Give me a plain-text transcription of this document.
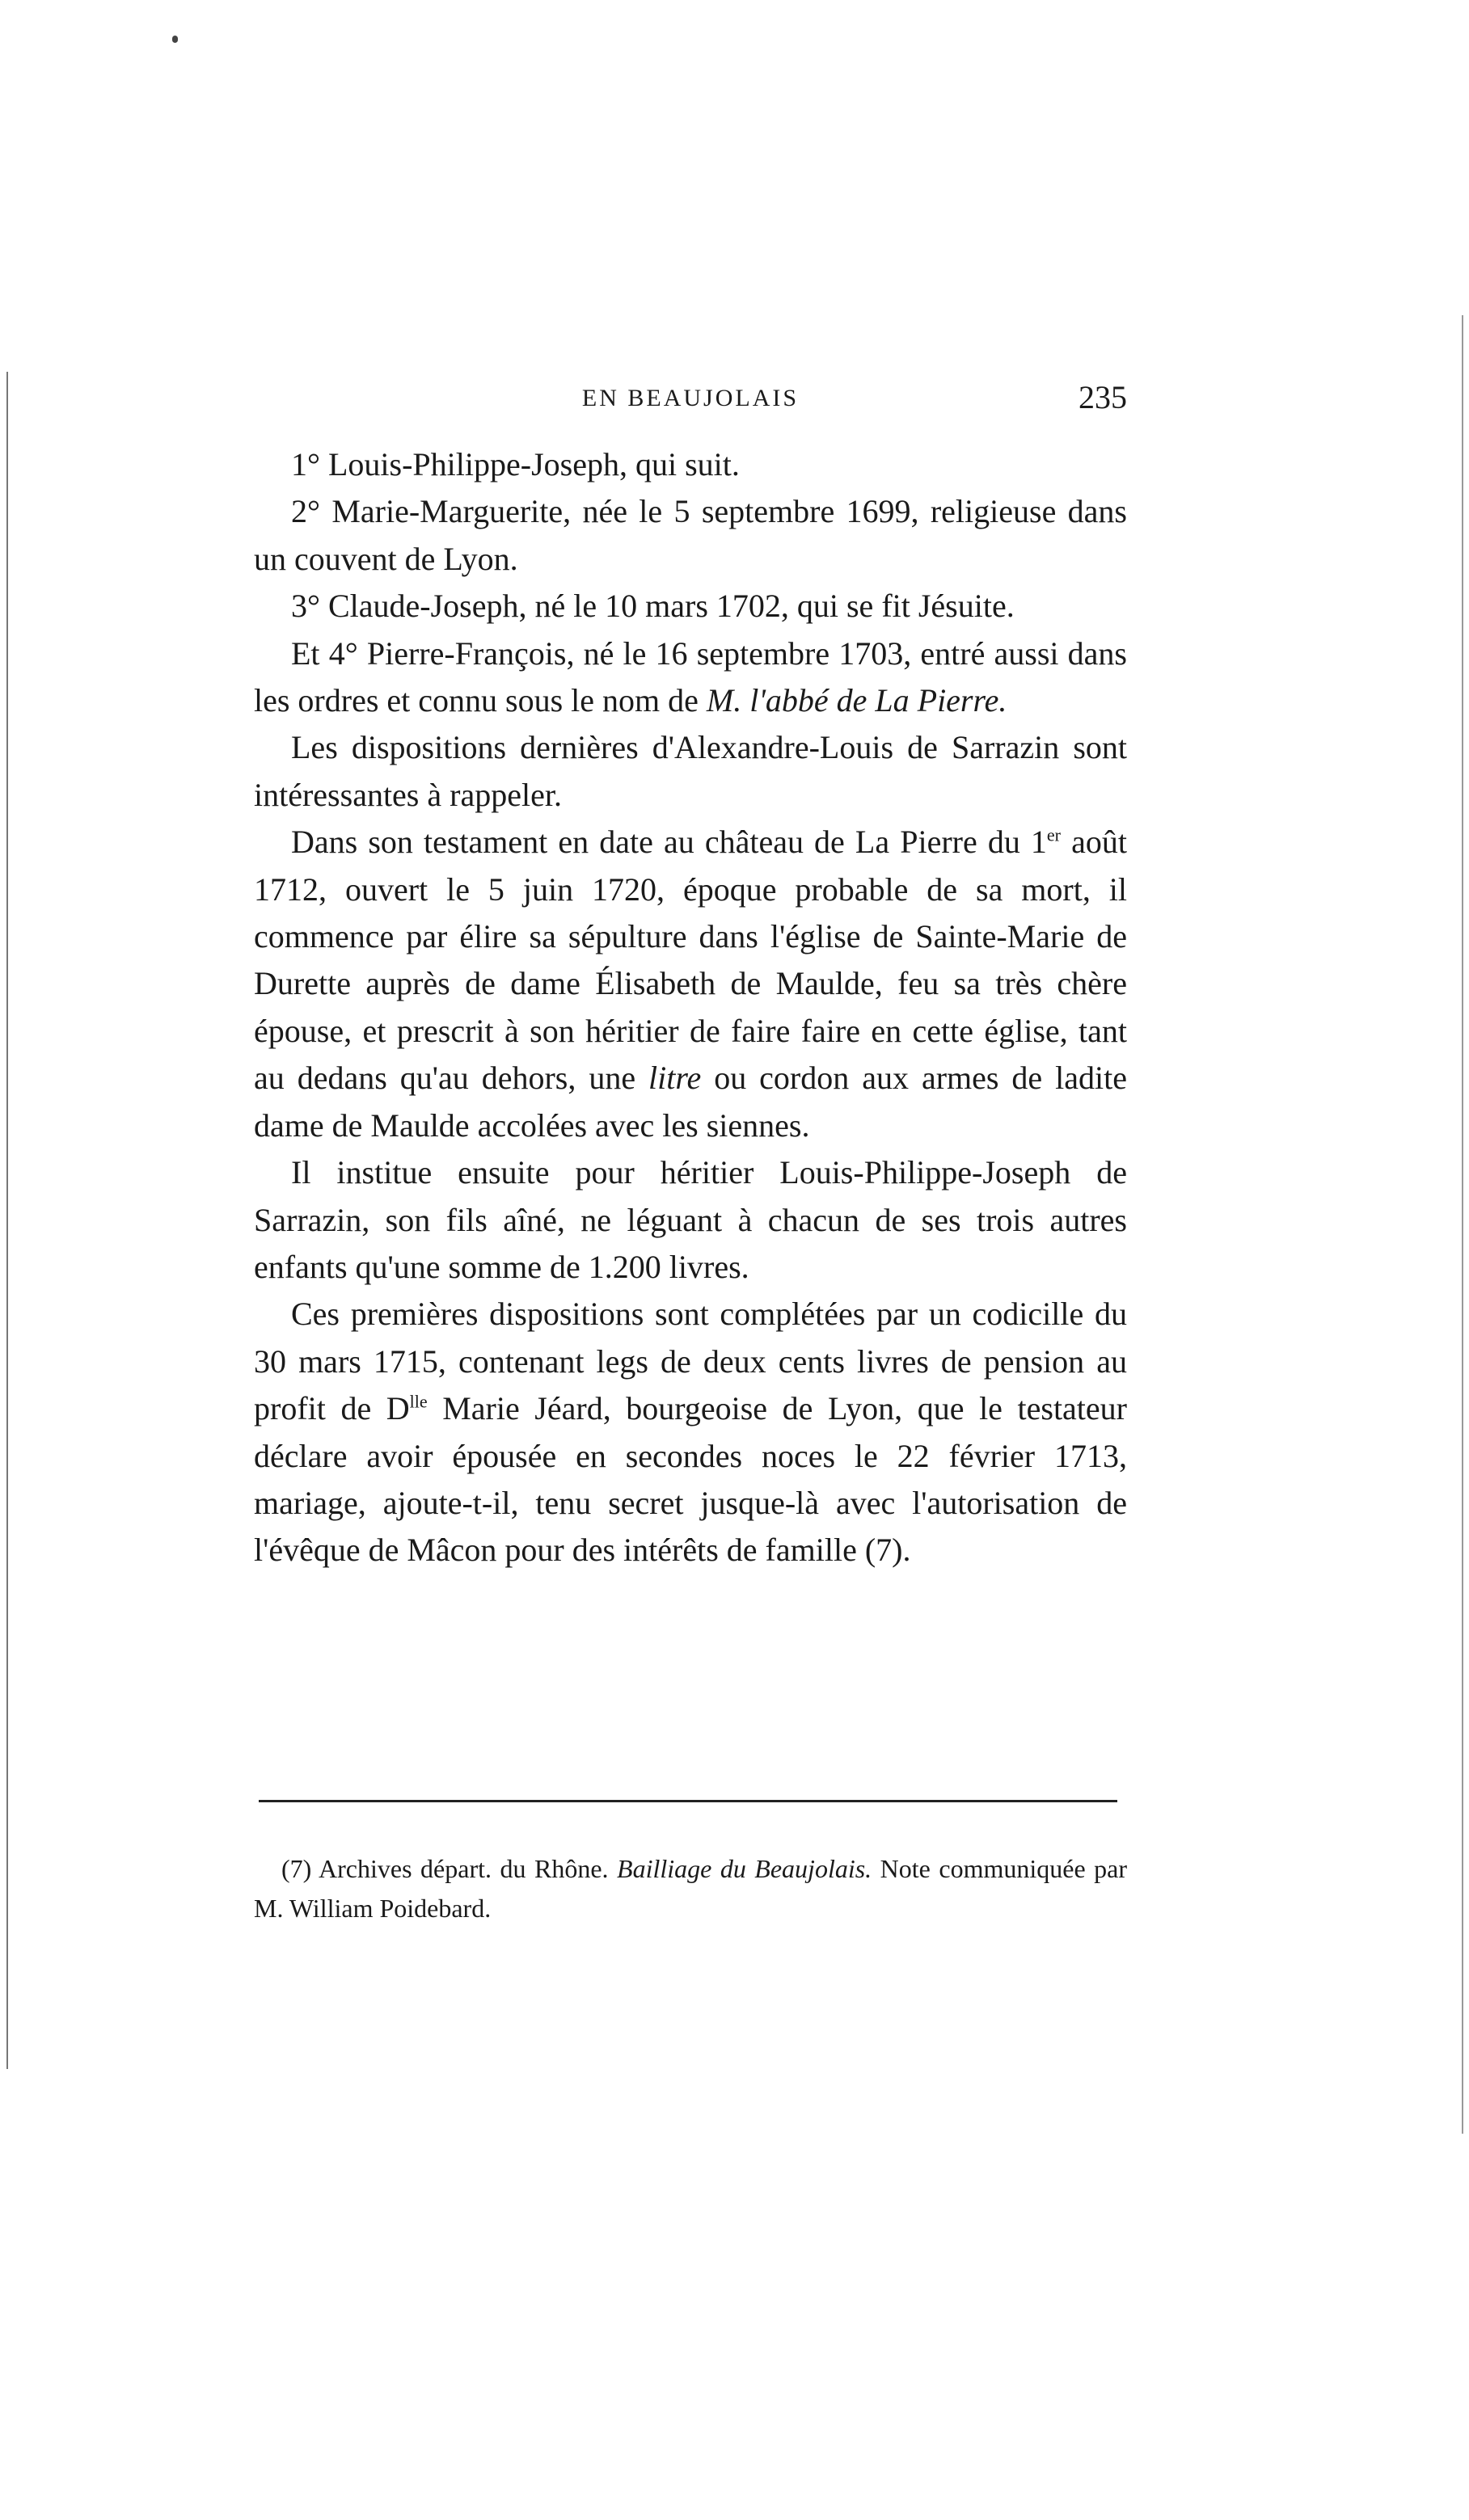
EN BEAUJOLAIS	235

1° Louis-Philippe-Joseph, qui suit.

2° Marie-Marguerite, née le 5 septembre 1699, religieuse dans un couvent de Lyon.

3° Claude-Joseph, né le 10 mars 1702, qui se fit Jésuite.

Et 4° Pierre-François, né le 16 septembre 1703, entré aussi dans les ordres et connu sous le nom de M. l'abbé de La Pierre.

Les dispositions dernières d'Alexandre-Louis de Sarrazin sont intéressantes à rappeler.

Dans son testament en date au château de La Pierre du 1er août 1712, ouvert le 5 juin 1720, époque probable de sa mort, il commence par élire sa sépulture dans l'église de Sainte-Marie de Durette auprès de dame Élisabeth de Maulde, feu sa très chère épouse, et prescrit à son héritier de faire faire en cette église, tant au dedans qu'au dehors, une litre ou cordon aux armes de ladite dame de Maulde accolées avec les siennes.

Il institue ensuite pour héritier Louis-Philippe-Joseph de Sarrazin, son fils aîné, ne léguant à chacun de ses trois autres enfants qu'une somme de 1.200 livres.

Ces premières dispositions sont complétées par un codicille du 30 mars 1715, contenant legs de deux cents livres de pension au profit de $D^{lle}$ Marie Jéard, bourgeoise de Lyon, que le testateur déclare avoir épousée en secondes noces le 22 février 1713, mariage, ajoute-t-il, tenu secret jusque-là avec l'autorisation de l'évêque de Mâcon pour des intérêts de famille (7).

(7) Archives départ. du Rhône. Bailliage du Beaujolais. Note communiquée par M. William Poidebard.
